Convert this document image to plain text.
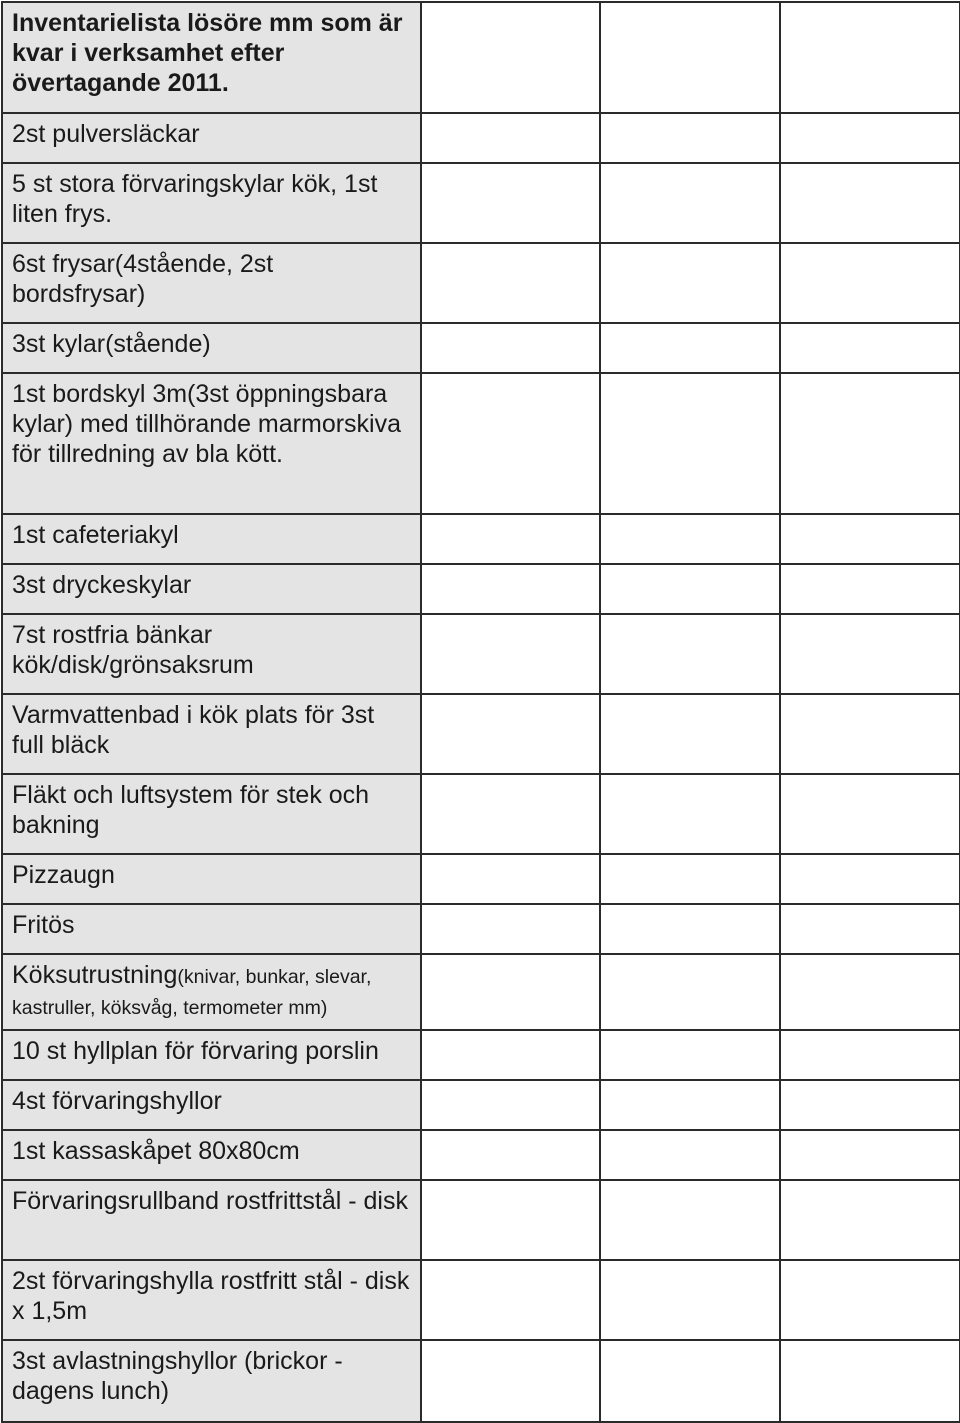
Inventarielista lösöre mm som är kvar i verksamhet efter övertagande 2011.			
2st pulversläckar			
5 st stora förvaringskylar kök, 1st liten frys.			
6st frysar(4stående, 2st bordsfrysar)			
3st kylar(stående)			
1st bordskyl 3m(3st öppningsbara kylar) med tillhörande marmorskiva för tillredning av bla kött.			
1st cafeteriakyl			
3st dryckeskylar			
7st rostfria bänkar kök/disk/grönsaksrum			
Varmvattenbad i kök plats för 3st full bläck			
Fläkt och luftsystem för stek och bakning			
Pizzaugn			
Fritös			
Köksutrustning(knivar, bunkar, slevar, kastruller, köksvåg, termometer mm)			
10 st hyllplan för förvaring porslin			
4st förvaringshyllor			
1st kassaskåpet 80x80cm			
Förvaringsrullband rostfrittstål - disk			
2st förvaringshylla rostfritt stål - disk x 1,5m			
3st avlastningshyllor (brickor - dagens lunch)			
